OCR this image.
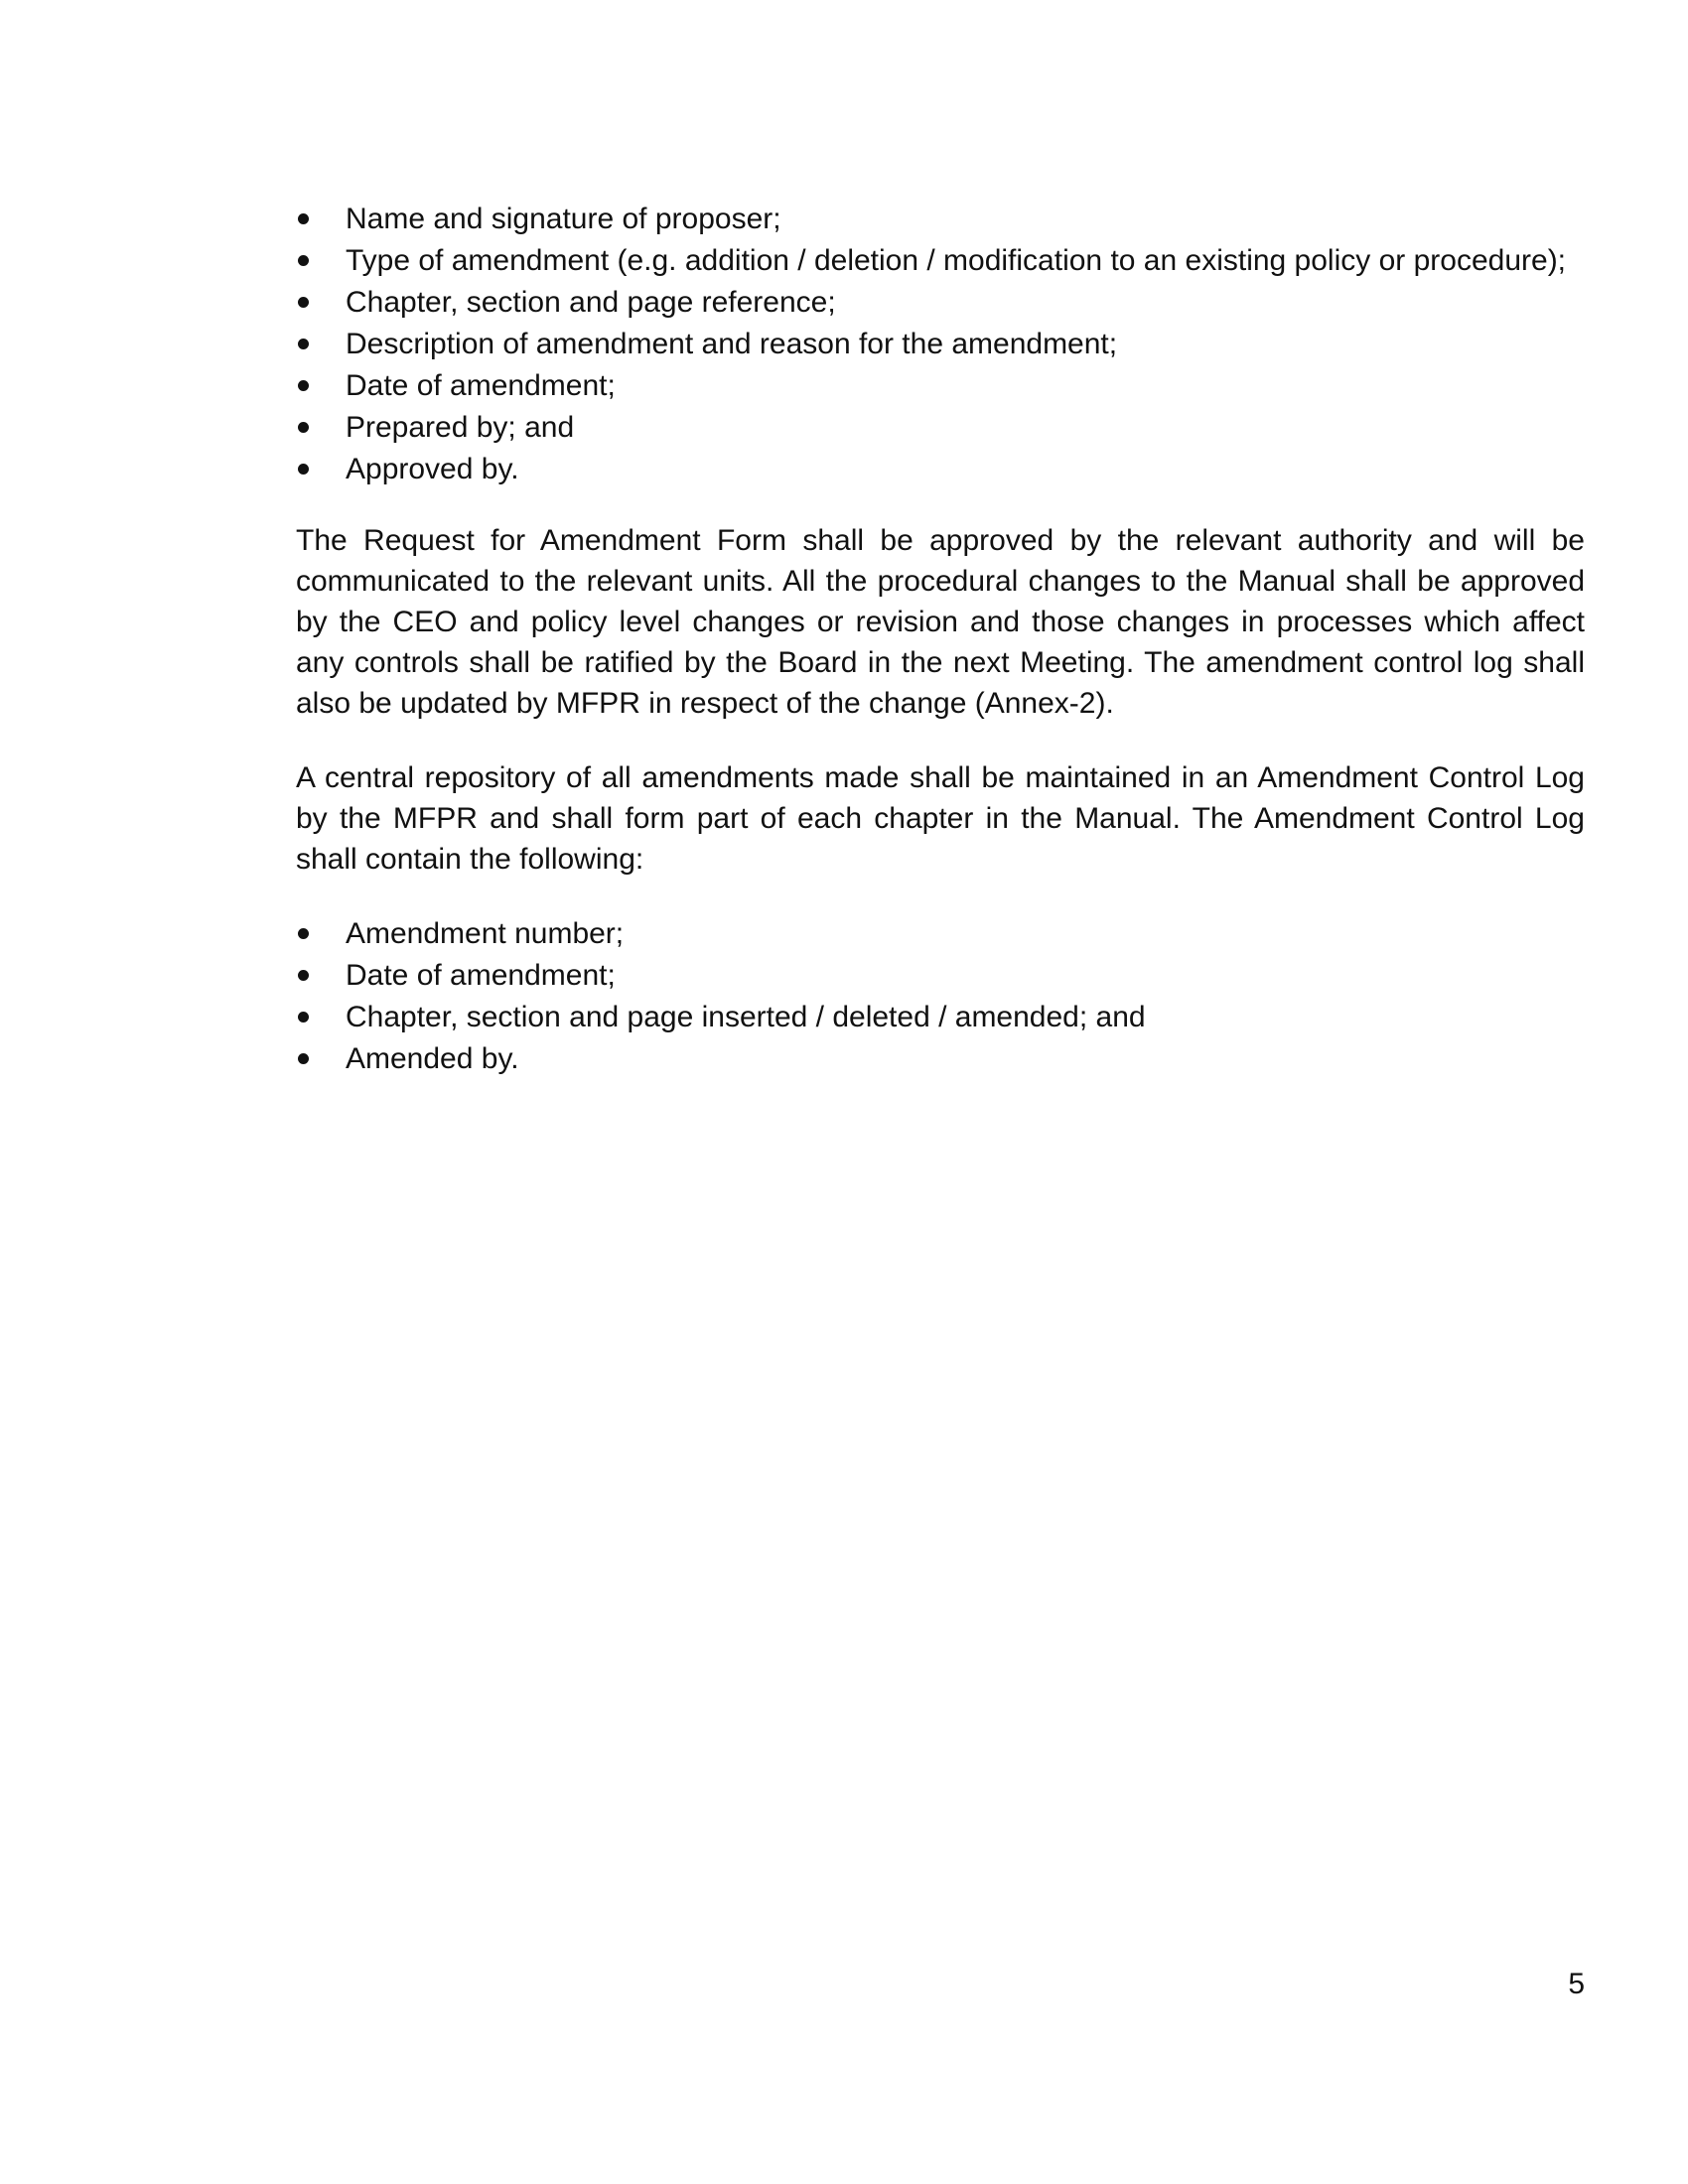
Name and signature of proposer;
Type of amendment (e.g. addition / deletion / modification to an existing policy or procedure);
Chapter, section and page reference;
Description of amendment and reason for the amendment;
Date of amendment;
Prepared by; and
Approved by.

The Request for Amendment Form shall be approved by the relevant authority and will be communicated to the relevant units. All the procedural changes to the Manual shall be approved by the CEO and policy level changes or revision and those changes in processes which affect any controls shall be ratified by the Board in the next Meeting. The amendment control log shall also be updated by MFPR in respect of the change (Annex-2).

A central repository of all amendments made shall be maintained in an Amendment Control Log by the MFPR and shall form part of each chapter in the Manual. The Amendment Control Log shall contain the following:

Amendment number;
Date of amendment;
Chapter, section and page inserted / deleted / amended; and
Amended by.
5
